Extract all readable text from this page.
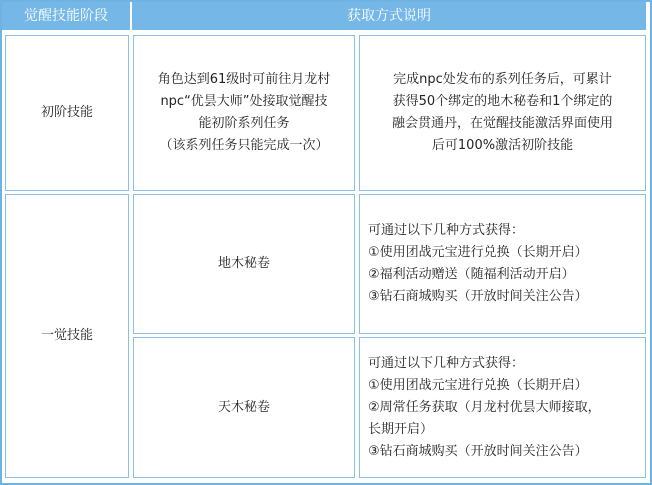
觉醒技能阶段	获取方式说明
初阶技能
角色达到61级时可前往月龙村
npc“优昙大师”处接取觉醒技
能初阶系列任务
（该系列任务只能完成一次）
完成npc处发布的系列任务后，可累计
获得50个绑定的地木秘卷和1个绑定的
融会贯通丹，在觉醒技能激活界面使用
后可100%激活初阶技能
一觉技能
地木秘卷
可通过以下几种方式获得：
①使用团战元宝进行兑换（长期开启）
②福利活动赠送（随福利活动开启）
③钻石商城购买（开放时间关注公告）
天木秘卷
可通过以下几种方式获得：
①使用团战元宝进行兑换（长期开启）
②周常任务获取（月龙村优昙大师接取，
长期开启）
③钻石商城购买（开放时间关注公告）
